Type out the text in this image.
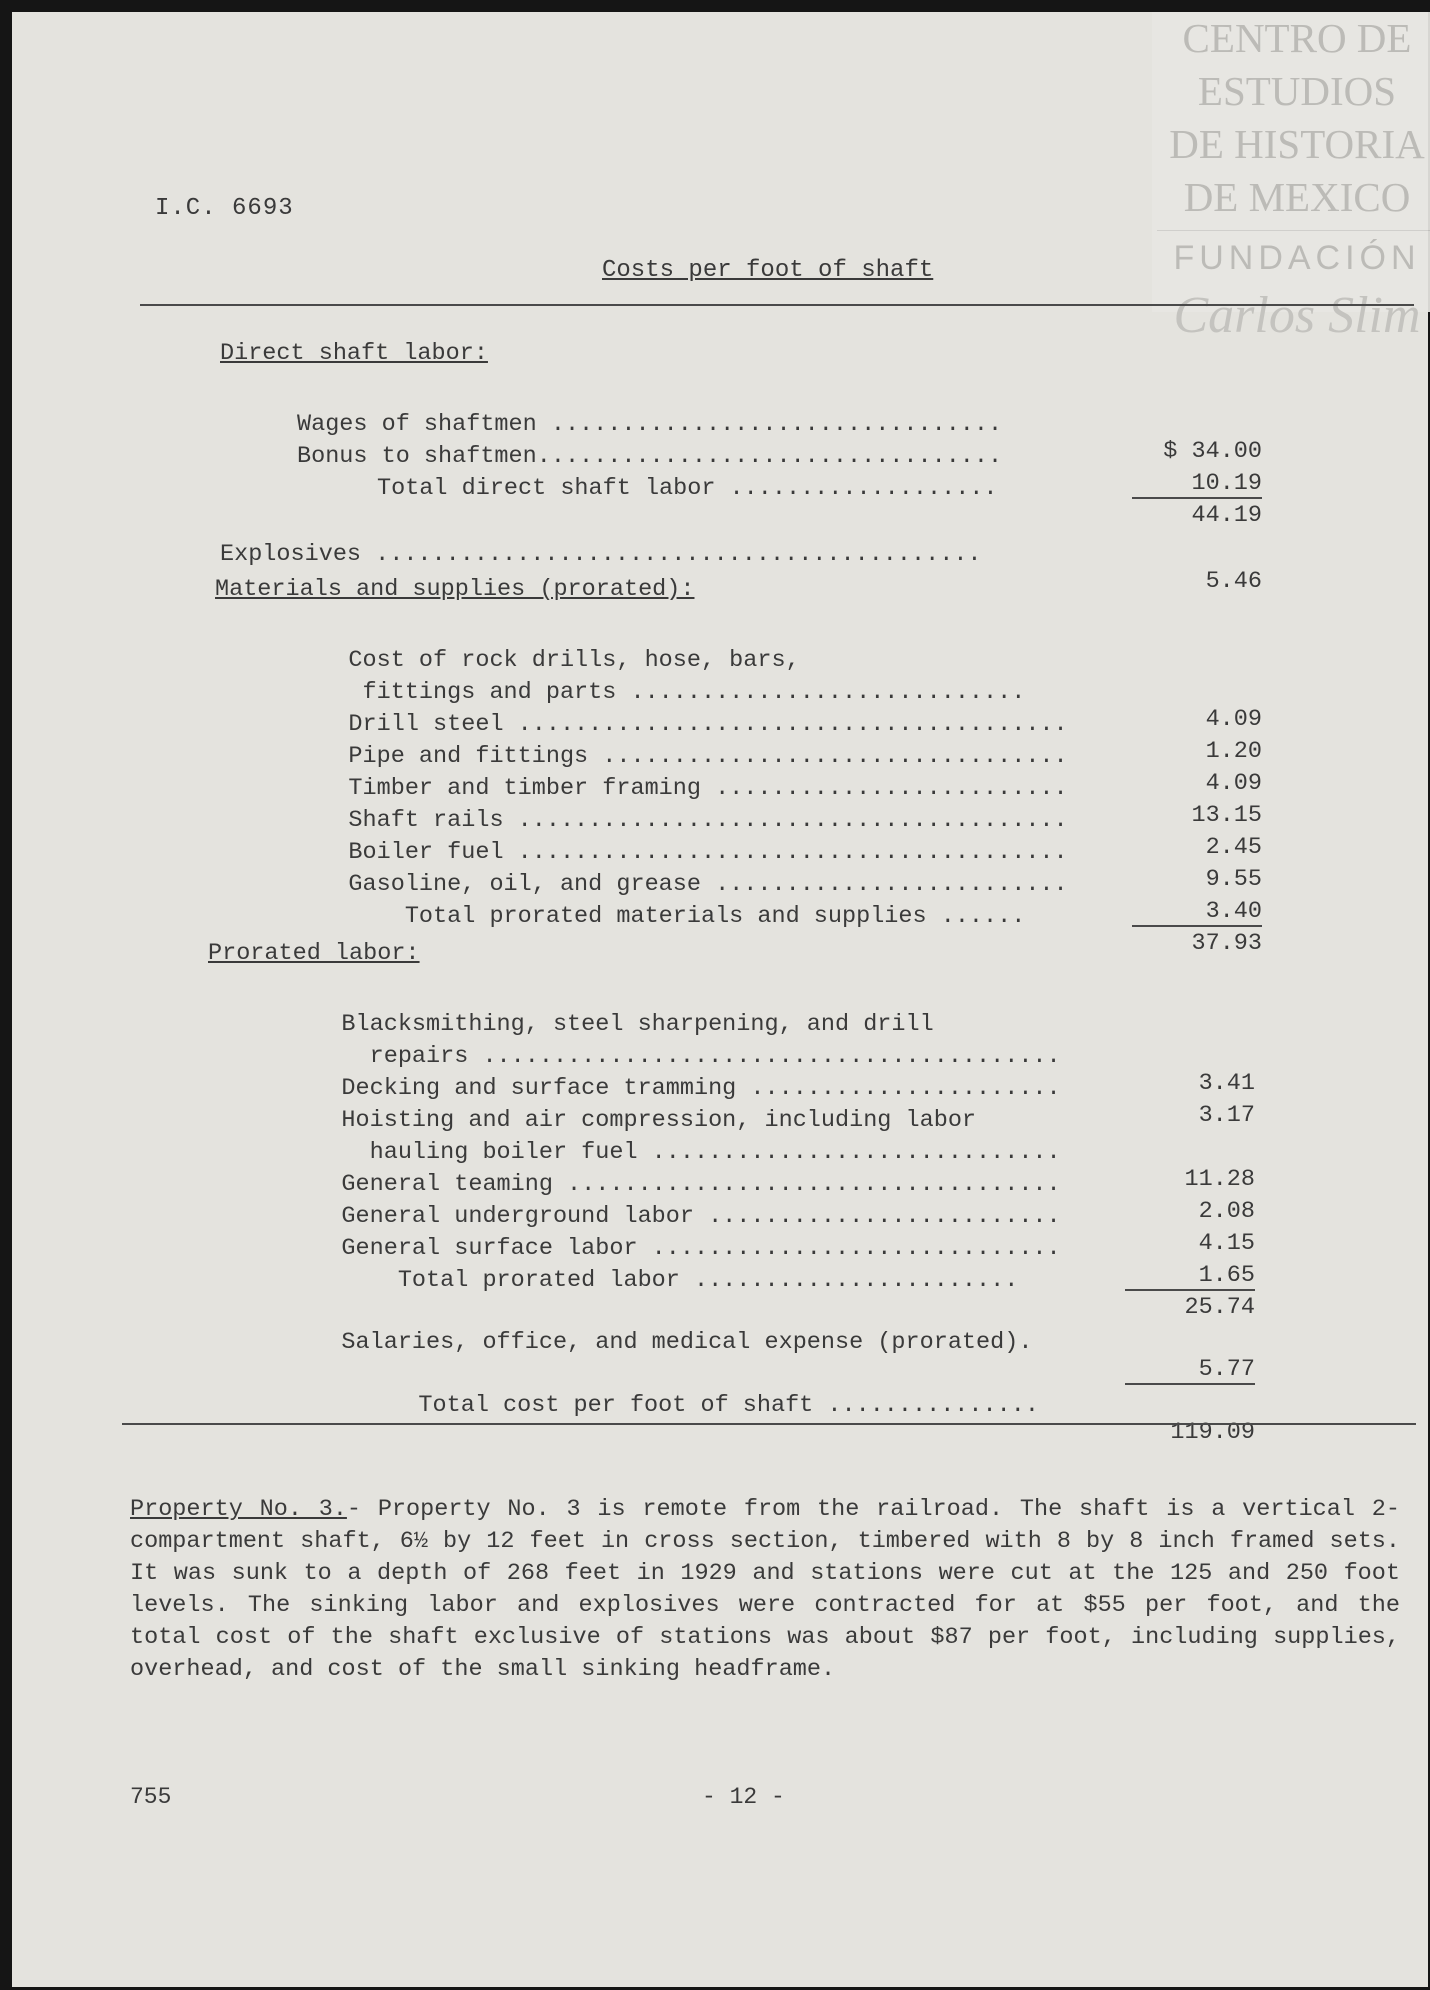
CENTRO DE
ESTUDIOS
DE HISTORIA
DE MEXICO
FUNDACIÓN
Carlos Slim
I.C. 6693
Costs per foot of shaft
Direct shaft labor:

Wages of shaftmen ................................

$ 34.00

Bonus to shaftmen.................................

10.19

Total direct shaft labor ...................

44.19

Explosives ...........................................

5.46

Materials and supplies (prorated):

Cost of rock drills, hose, bars,

fittings and parts ............................

4.09

Drill steel .......................................

1.20

Pipe and fittings .................................

4.09

Timber and timber framing .........................

13.15

Shaft rails .......................................

2.45

Boiler fuel .......................................

9.55

Gasoline, oil, and grease .........................

3.40

Total prorated materials and supplies ......

37.93

Prorated labor:

Blacksmithing, steel sharpening, and drill

repairs .........................................

3.41

Decking and surface tramming ......................

3.17

Hoisting and air compression, including labor

hauling boiler fuel .............................

11.28

General teaming ...................................

2.08

General underground labor .........................

4.15

General surface labor .............................

1.65

Total prorated labor .......................

25.74

Salaries, office, and medical expense (prorated).

5.77

Total cost per foot of shaft ...............

119.09

Property No. 3.- Property No. 3 is remote from the railroad. The shaft is a vertical 2-compartment shaft, 6½ by 12 feet in cross section, timbered with 8 by 8 inch framed sets. It was sunk to a depth of 268 feet in 1929 and stations were cut at the 125 and 250 foot levels. The sinking labor and explosives were contracted for at $55 per foot, and the total cost of the shaft exclusive of stations was about $87 per foot, including supplies, overhead, and cost of the small sinking headframe.
755	- 12 -
